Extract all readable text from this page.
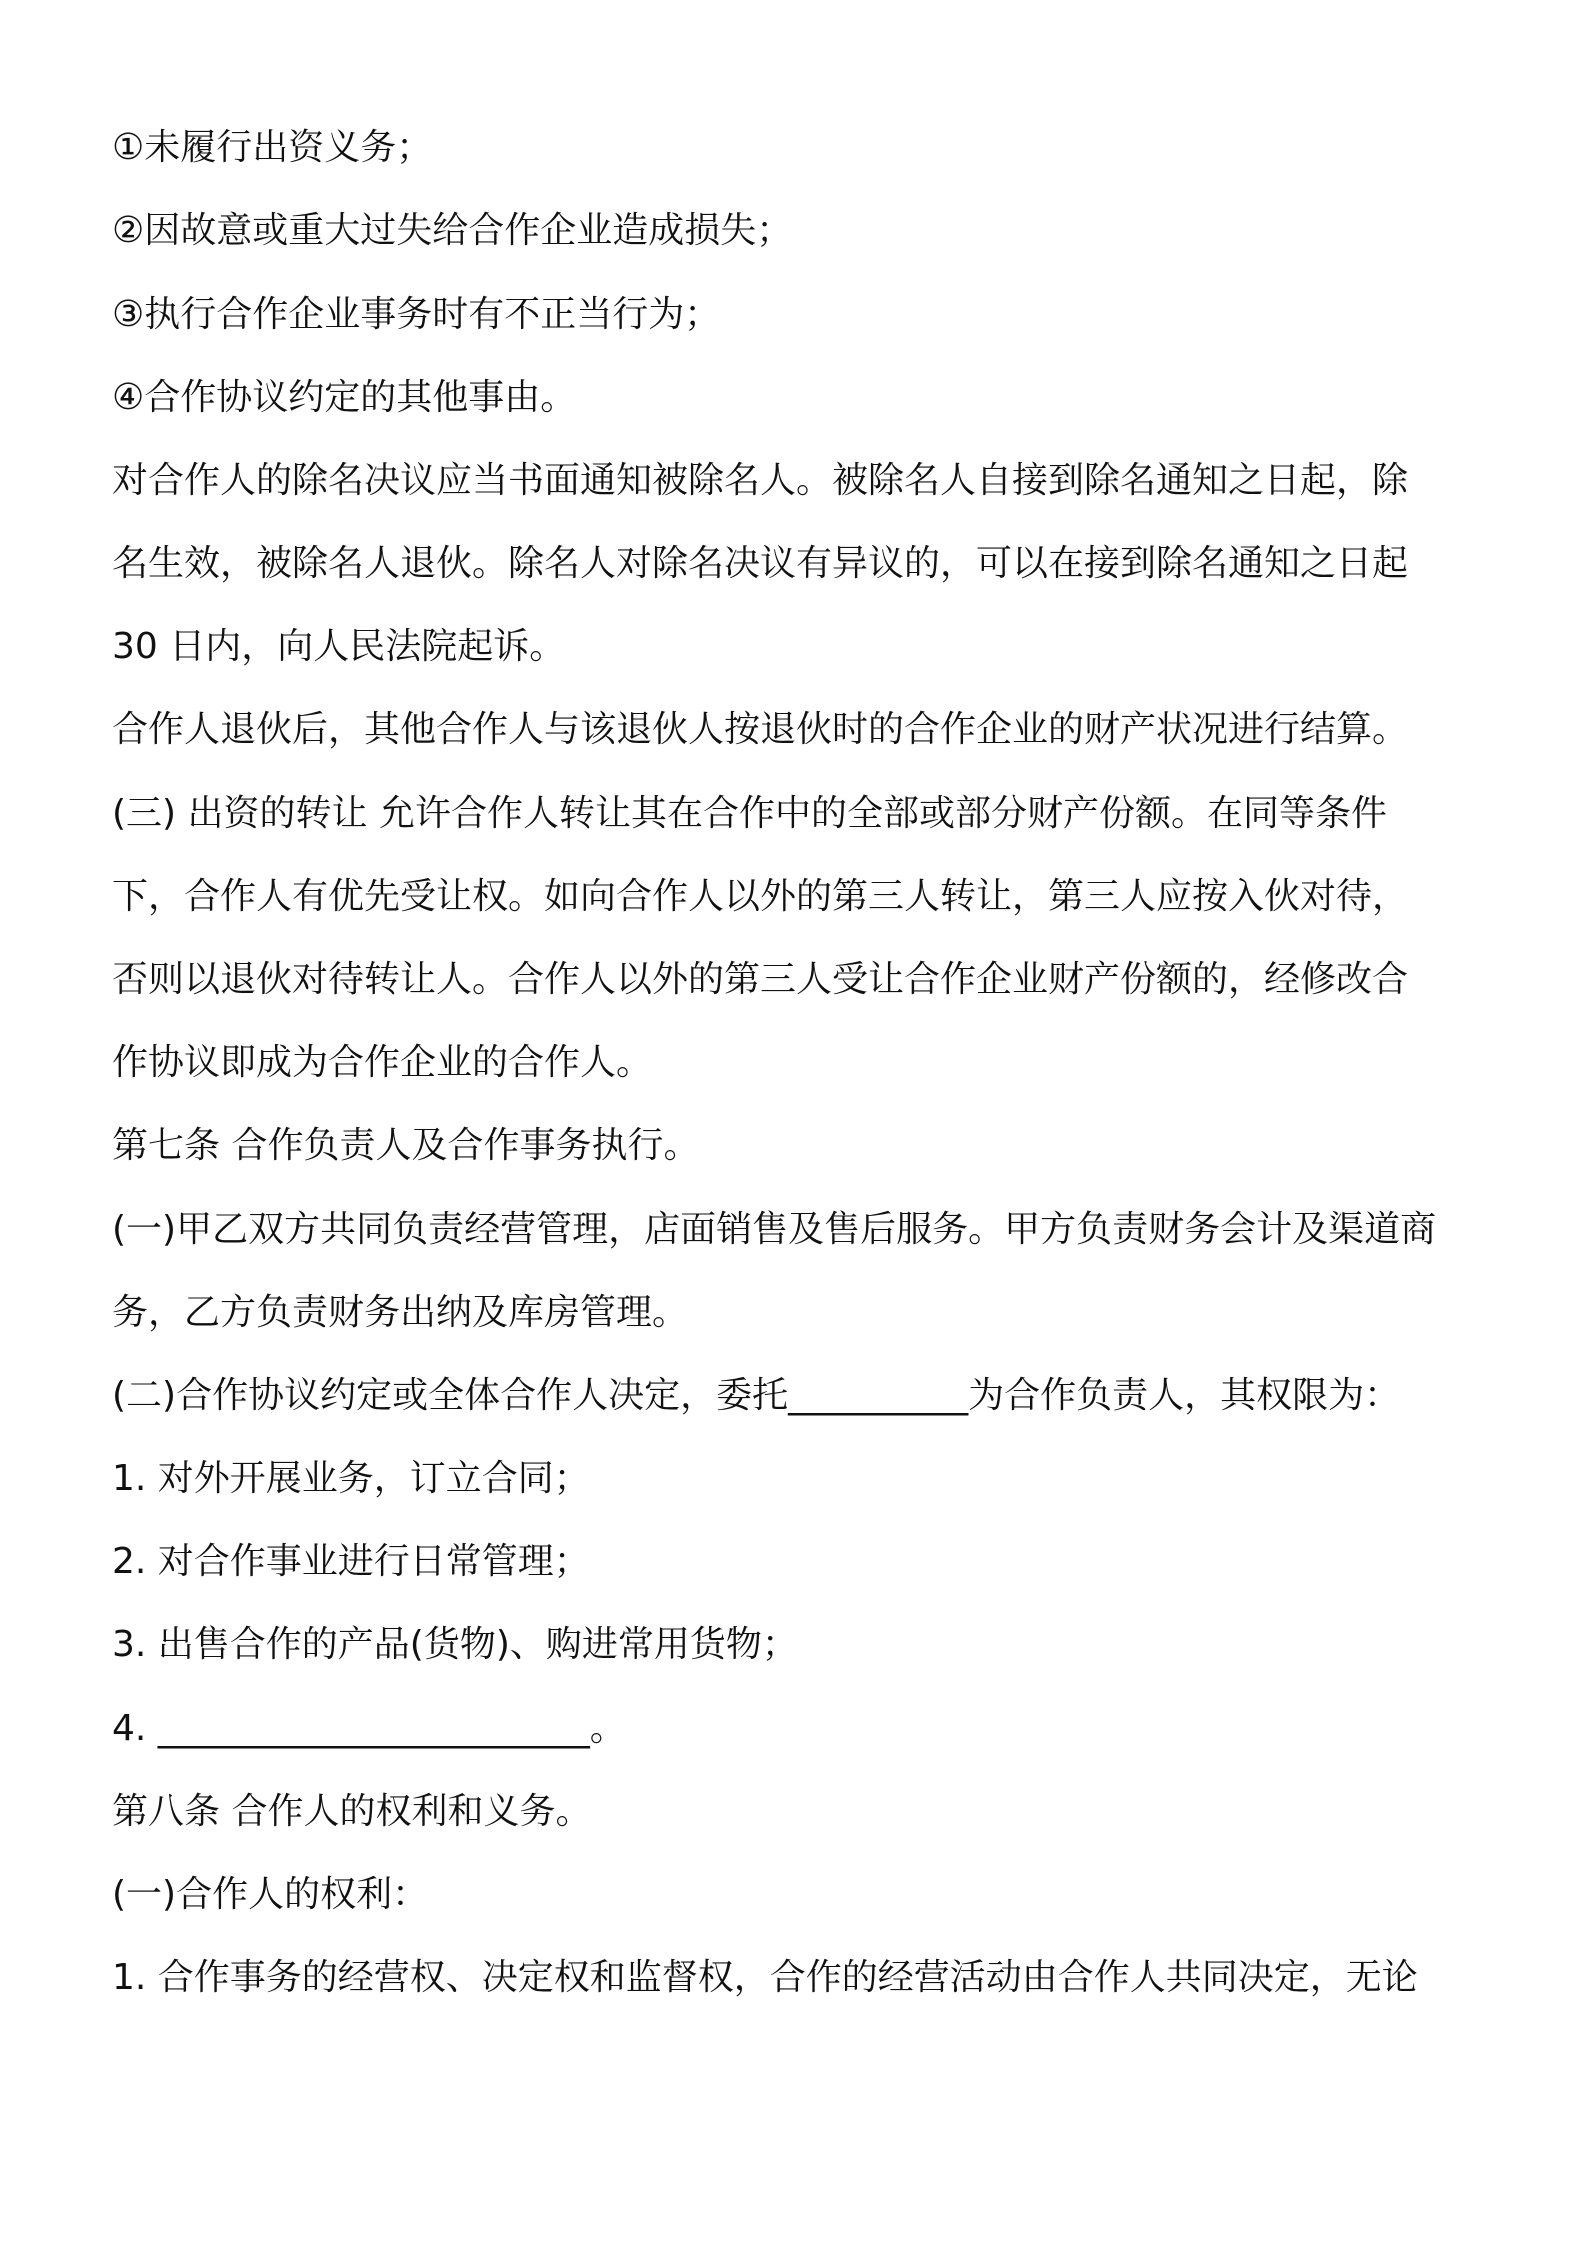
①未履行出资义务；
②因故意或重大过失给合作企业造成损失；
③执行合作企业事务时有不正当行为；
④合作协议约定的其他事由。
对合作人的除名决议应当书面通知被除名人。被除名人自接到除名通知之日起，除
名生效，被除名人退伙。除名人对除名决议有异议的，可以在接到除名通知之日起
30 日内，向人民法院起诉。
合作人退伙后，其他合作人与该退伙人按退伙时的合作企业的财产状况进行结算。
(三) 出资的转让 允许合作人转让其在合作中的全部或部分财产份额。在同等条件
下，合作人有优先受让权。如向合作人以外的第三人转让，第三人应按入伙对待，
否则以退伙对待转让人。合作人以外的第三人受让合作企业财产份额的，经修改合
作协议即成为合作企业的合作人。
第七条 合作负责人及合作事务执行。
(一)甲乙双方共同负责经营管理，店面销售及售后服务。甲方负责财务会计及渠道商
务，乙方负责财务出纳及库房管理。
(二)合作协议约定或全体合作人决定，委托__________为合作负责人，其权限为：
1. 对外开展业务，订立合同；
2. 对合作事业进行日常管理；
3. 出售合作的产品(货物)、购进常用货物；
4. ________________________。
第八条 合作人的权利和义务。
(一)合作人的权利：
1. 合作事务的经营权、决定权和监督权，合作的经营活动由合作人共同决定，无论
